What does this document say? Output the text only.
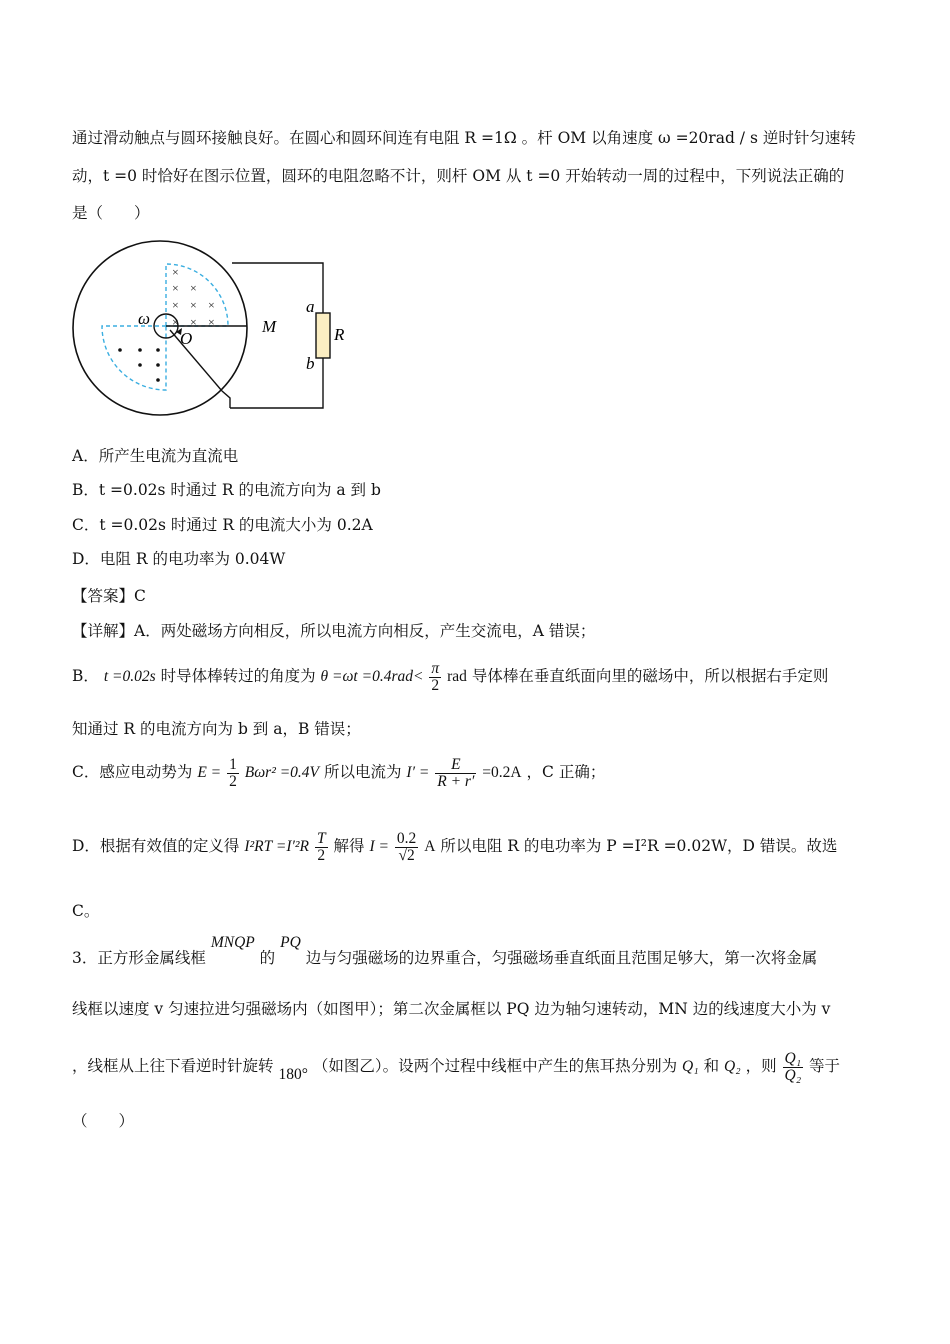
通过滑动触点与圆环接触良好。在圆心和圆环间连有电阻 R =1Ω 。杆 OM 以角速度 ω =20rad / s 逆时针匀速转
动，t =0 时恰好在图示位置，圆环的电阻忽略不计，则杆 OM 从 t =0 开始转动一周的过程中，下列说法正确的
是（　　）
×
× ×
× × ×
× × ×
ω
O
M
a
b
R
A．所产生电流为直流电
B．t =0.02s 时通过 R 的电流方向为 a 到 b
C．t =0.02s 时通过 R 的电流大小为 0.2A
D．电阻 R 的电功率为 0.04W
【答案】C
【详解】A．两处磁场方向相反，所以电流方向相反，产生交流电，A 错误；
B． t =0.02s 时导体棒转过的角度为 $\theta =\omega t =0.4rad< \frac{\pi}{2}$ rad 导体棒在垂直纸面向里的磁场中，所以根据右手定则
知通过 R 的电流方向为 b 到 a，B 错误；
C．感应电动势为 $E = \frac{1}{2} B\omega r^2 =0.4V$ 所以电流为 $I' = \frac{E}{R + r'} =0.2A$ ，C 正确；
D．根据有效值的定义得 $I^2RT =I'^2R \frac{T}{2}$ 解得 $I = \frac{0.2}{√2}$ A 所以电阻 R 的电功率为 P =I²R =0.02W，D 错误。故选
C。
3．正方形金属线框 MNQP 的 PQ 边与匀强磁场的边界重合，匀强磁场垂直纸面且范围足够大，第一次将金属
线框以速度 v 匀速拉进匀强磁场内（如图甲）；第二次金属框以 PQ 边为轴匀速转动，MN 边的线速度大小为 v
，线框从上往下看逆时针旋转 180° （如图乙）。设两个过程中线框中产生的焦耳热分别为 Q₁ 和 Q₂ ，则 $\frac{\text{Q₁}}{\text{Q₂}}$ 等于
（　　）
